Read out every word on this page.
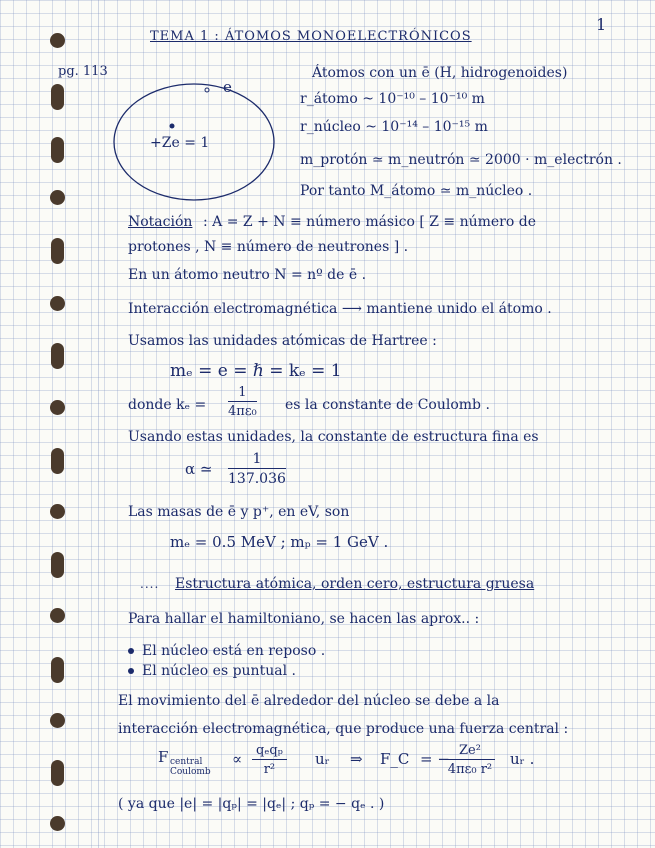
1
TEMA 1 : ÁTOMOS MONOELECTRÓNICOS
pg. 113
e
+Ze = 1
Átomos con un ē (H, hidrogenoides)
r_átomo ~ 10⁻¹⁰ – 10⁻¹⁰ m
r_núcleo ~ 10⁻¹⁴ – 10⁻¹⁵ m
m_protón ≃ m_neutrón ≃ 2000 · m_electrón .
Por tanto M_átomo ≃ m_núcleo .
Notación : A = Z + N ≡ número másico [ Z ≡ número de
protones , N ≡ número de neutrones ] .
En un átomo neutro N = nº de ē .
Interacción electromagnética ⟶ mantiene unido el átomo .
Usamos las unidades atómicas de Hartree :
mₑ = e = ℏ = kₑ = 1
donde $k_e = \frac{1}{\text{4πε₀}}$ es la constante de Coulomb .
Usando estas unidades, la constante de estructura fina es
α ≃ $\frac{1}{137.036}$
Las masas de ē y p⁺, en eV, son
mₑ = 0.5 MeV ; mₚ = 1 GeV .
.... Estructura atómica, orden cero, estructura gruesa
Para hallar el hamiltoniano, se hacen las aprox.. :
El núcleo está en reposo .
El núcleo es puntual .
El movimiento del ē alrededor del núcleo se debe a la
interacción electromagnética, que produce una fuerza central :
F central Coulomb
∝	qₑqₚ
r²
uᵣ ⇒ F_C = −
$\frac{\text{Ze²}}{\text{4πε₀ r²}}$ uᵣ .
( ya que |e| = |qₚ| = |qₑ| ; qₚ = − qₑ . )
